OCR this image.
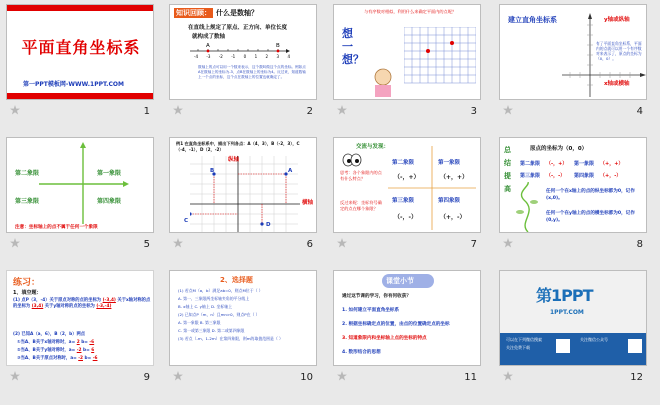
平面直角坐标系
第一PPT模板网-WWW.1PPT.COM
1
知识回顾： 什么是数轴？
在直线上规定了原点、正方向、单位长度
就构成了数轴
A	B
-4 -3 -2 -1 0 1 2 3 4
数轴上的点可以用一个数来表示，这个数叫做这个点的坐标。例如点A在数轴上的坐标为-3，点B在数轴上的坐标为4。反过来，知道数轴上一个点的坐标，这个点在数轴上的位置也就确定了。
2
想一想？
与有序数对相似，利用什么来确定平面内的点呢？
3
建立直角坐标系	y轴或纵轴
x轴或横轴
有了平面直角坐标系，平面内的点就可以用一个有序数对来表示了，原点的坐标为（0，0）。
4
第二象限	第一象限
第三象限	第四象限
注意：坐标轴上的点不属于任何一个象限
5
例1 在直角坐标系中，描出下列各点：A（4，3），B（-2，3），C（-4，-1），D（2，-2）
纵轴
横轴
A
B
C
D
6
交流与发现：
思考：各个象限内的点有什么特点？
反过来呢：坐标符号确定的点在哪个象限？
第二象限	第一象限
（-，+）	（+，+）
第三象限	第四象限
（-，-）	（+，-）
7
总结提高
原点的坐标为（0，0）
第二象限 （-，+） 第一象限 （+，+）
第三象限 （-，-） 第四象限 （+，-）
任何一个在x轴上的点的纵坐标都为0，记作(x,0)。
任何一个在y轴上的点的横坐标都为0，记作(0,y)。
8
练习：
1、填空题：
(1) 点P（3，-4）关于原点对称的点的坐标为 (-3,4) 关于x轴对称的点的坐标为 (3,4) 关于y轴对称的点的坐标为 (-3,-4)
(2) 已知A（a，6），B（2，b）两点
①当A、B关于x轴对称时，a= 2 b= -6
②当A、B关于y轴对称时，a= -2 b= 6
③当A、B关于原点对称时，a= -2 b= -6
9
2、选择题
(1) 若点M（a，b）满足ab=0，则点M位于（ ）
A. 第一、三象限两坐标轴夹角的平分线上
B. x轴上 C. y轴上 D. 坐标轴上
(2) 已知点P（m，n）且mn>0，则点P在（ ）
A. 第一象限 B. 第三象限
C. 第一或第三象限 D. 第二或第四象限
(3) 若点（-m，1-2m）在第四象限，则m的取值范围是（ ）
10
课堂小节
通过这节课的学习，你有何收获？
1. 如何建立平面直角坐标系
2. 根据坐标确定点的位置，由点的位置确定点的坐标
3. 知道象限内和坐标轴上点的坐标的特点
4. 数形结合的思想
11
第1PPT
1PPT.COM
可以在下列微信搜索
关注免费下载
关注微信公众号
12
